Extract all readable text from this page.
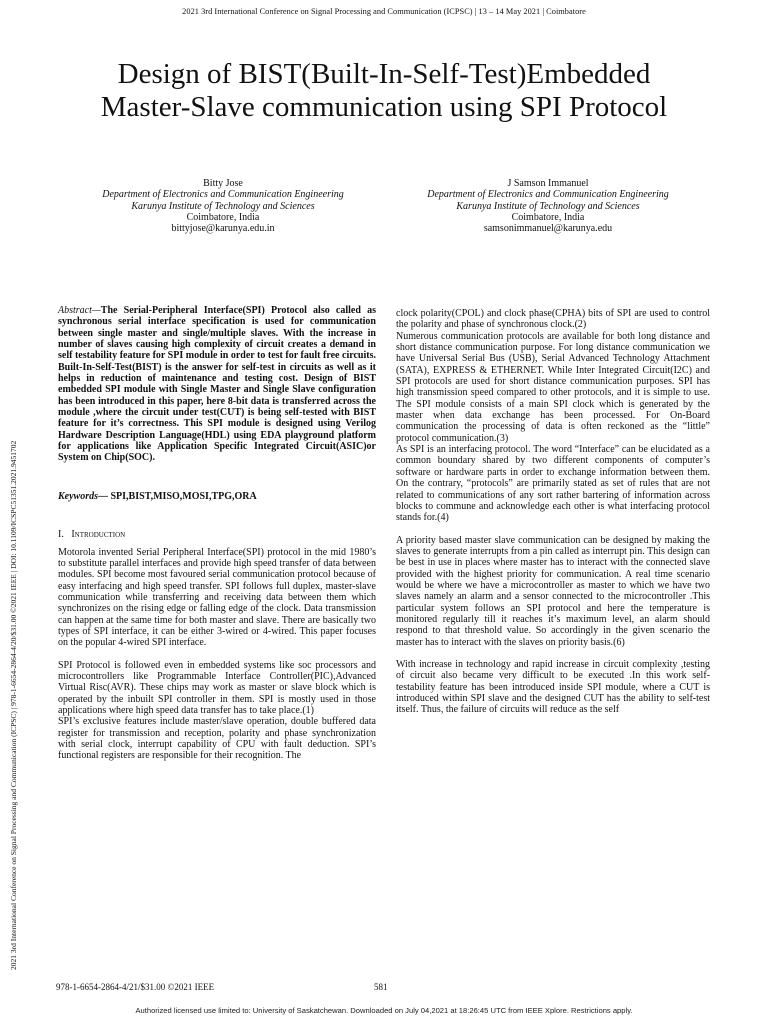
2021 3rd International Conference on Signal Processing and Communication (ICPSC) | 13 – 14 May 2021 | Coimbatore
2021 3rd International Conference on Signal Processing and Communication (ICPSC) | 978-1-6654-2864-4/20/$31.00 ©2021 IEEE | DOI: 10.1109/ICSPC51351.2021.9451702
Design of BIST(Built-In-Self-Test)Embedded
Master-Slave communication using SPI Protocol
Bitty Jose
Department of Electronics and Communication Engineering
Karunya Institute of Technology and Sciences
Coimbatore, India
bittyjose@karunya.edu.in
J Samson Immanuel
Department of Electronics and Communication Engineering
Karunya Institute of Technology and Sciences
Coimbatore, India
samsonimmanuel@karunya.edu

Abstract—The Serial-Peripheral Interface(SPI) Protocol also called as synchronous serial interface specification is used for communication between single master and single/multiple slaves. With the increase in number of slaves causing high complexity of circuit creates a demand in self testability feature for SPI module in order to test for fault free circuits. Built-In-Self-Test(BIST) is the answer for self-test in circuits as well as it helps in reduction of maintenance and testing cost. Design of BIST embedded SPI module with Single Master and Single Slave configuration has been introduced in this paper, here 8-bit data is transferred across the module ,where the circuit under test(CUT) is being self-tested with BIST feature for it’s correctness. This SPI module is designed using Verilog Hardware Description Language(HDL) using EDA playground platform for applications like Application Specific Integrated Circuit(ASIC)or System on Chip(SOC).

Keywords— SPI,BIST,MISO,MOSI,TPG,ORA

I. Introduction

Motorola invented Serial Peripheral Interface(SPI) protocol in the mid 1980’s to substitute parallel interfaces and provide high speed transfer of data between modules. SPI become most favoured serial communication protocol because of easy interfacing and high speed transfer. SPI follows full duplex, master-slave communication while transferring and receiving data between them which synchronizes on the rising edge or falling edge of the clock. Data transmission can happen at the same time for both master and slave. There are basically two types of SPI interface, it can be either 3-wired or 4-wired. This paper focuses on the popular 4-wired SPI interface.

SPI Protocol is followed even in embedded systems like soc processors and microcontrollers like Programmable Interface Controller(PIC),Advanced Virtual Risc(AVR). These chips may work as master or slave block which is operated by the inbuilt SPI controller in them. SPI is mostly used in those applications where high speed data transfer has to take place.(1)

SPI’s exclusive features include master/slave operation, double buffered data register for transmission and reception, polarity and phase synchronization with serial clock, interrupt capability of CPU with fault deduction. SPI’s functional registers are responsible for their recognition. The

clock polarity(CPOL) and clock phase(CPHA) bits of SPI are used to control the polarity and phase of synchronous clock.(2)

Numerous communication protocols are available for both long distance and short distance communication purpose. For long distance communication we have Universal Serial Bus (USB), Serial Advanced Technology Attachment (SATA), EXPRESS & ETHERNET. While Inter Integrated Circuit(I2C) and SPI protocols are used for short distance communication purposes. SPI has high transmission speed compared to other protocols, and it is simple to use. The SPI module consists of a main SPI clock which is generated by the master when data exchange has been processed. For On-Board communication the processing of data is often reckoned as the “little” protocol communication.(3)

As SPI is an interfacing protocol. The word “Interface” can be elucidated as a common boundary shared by two different components of computer’s software or hardware parts in order to exchange information between them. On the contrary, “protocols” are primarily stated as set of rules that are not related to communications of any sort rather bartering of information across blocks to commune and acknowledge each other is what interfacing protocol stands for.(4)

A priority based master slave communication can be designed by making the slaves to generate interrupts from a pin called as interrupt pin. This design can be best in use in places where master has to interact with the connected slave provided with the highest priority for communication. A real time scenario would be where we have a microcontroller as master to which we have two slaves namely an alarm and a sensor connected to the microcontroller .This particular system follows an SPI protocol and here the temperature is monitored regularly till it reaches it’s maximum level, an alarm should respond to that threshold value. So accordingly in the given scenario the master has to interact with the slaves on priority basis.(6)

With increase in technology and rapid increase in circuit complexity ,testing of circuit also became very difficult to be executed .In this work self-testability feature has been introduced inside SPI module, where a CUT is introduced within SPI slave and the designed CUT has the ability to self-test itself. Thus, the failure of circuits will reduce as the self

978-1-6654-2864-4/21/$31.00 ©2021 IEEE	581
Authorized licensed use limited to: University of Saskatchewan. Downloaded on July 04,2021 at 18:26:45 UTC from IEEE Xplore. Restrictions apply.
